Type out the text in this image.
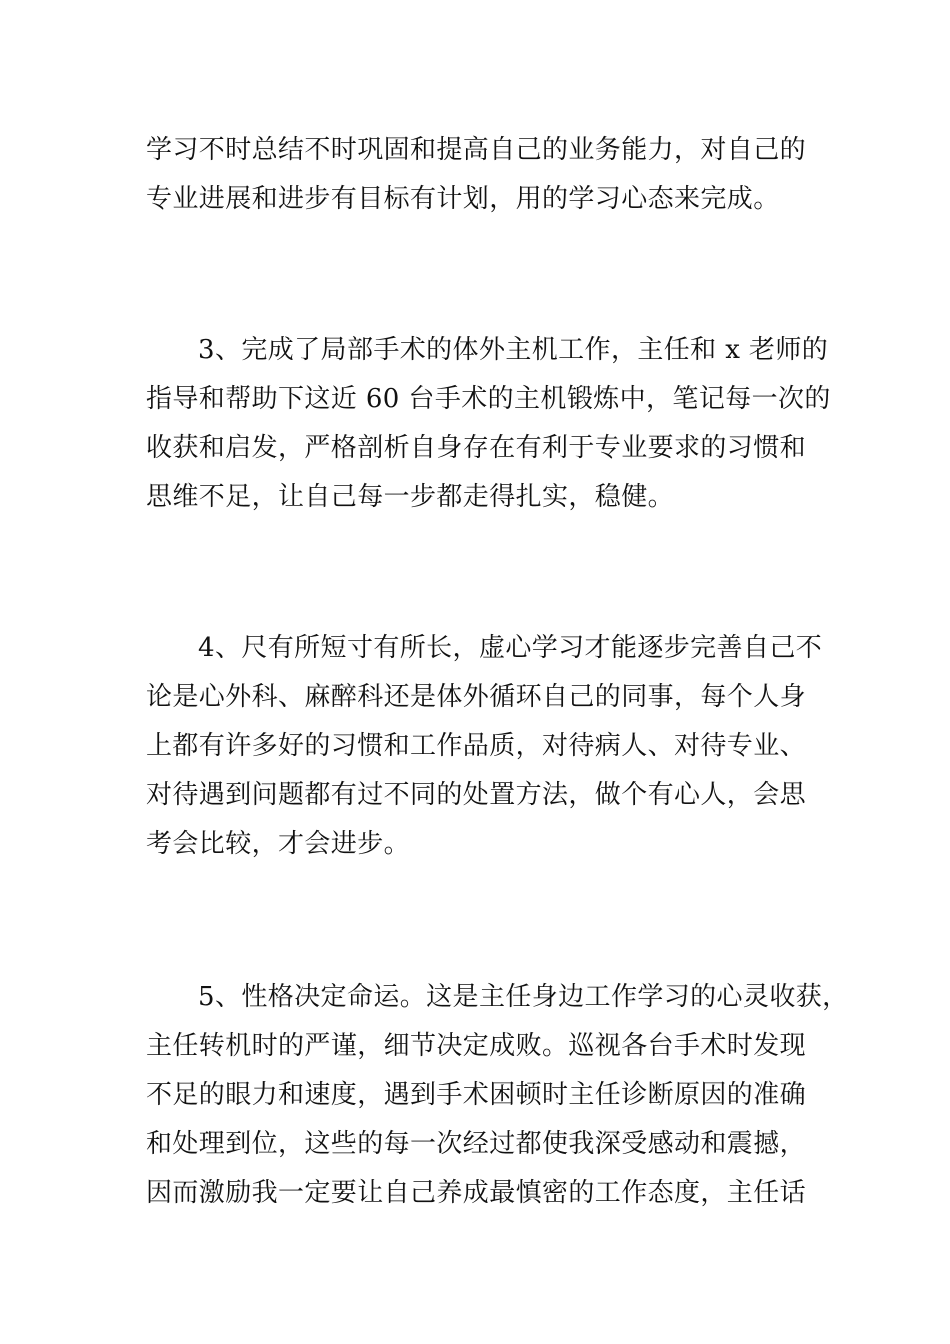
学习不时总结不时巩固和提高自己的业务能力，对自己的
专业进展和进步有目标有计划，用的学习心态来完成。
3、完成了局部手术的体外主机工作，主任和 x 老师的
指导和帮助下这近 60 台手术的主机锻炼中，笔记每一次的
收获和启发，严格剖析自身存在有利于专业要求的习惯和
思维不足，让自己每一步都走得扎实，稳健。
4、尺有所短寸有所长，虚心学习才能逐步完善自己不
论是心外科、麻醉科还是体外循环自己的同事，每个人身
上都有许多好的习惯和工作品质，对待病人、对待专业、
对待遇到问题都有过不同的处置方法，做个有心人，会思
考会比较，才会进步。
5、性格决定命运。这是主任身边工作学习的心灵收获，
主任转机时的严谨，细节决定成败。巡视各台手术时发现
不足的眼力和速度，遇到手术困顿时主任诊断原因的准确
和处理到位，这些的每一次经过都使我深受感动和震撼，
因而激励我一定要让自己养成最慎密的工作态度，主任话
